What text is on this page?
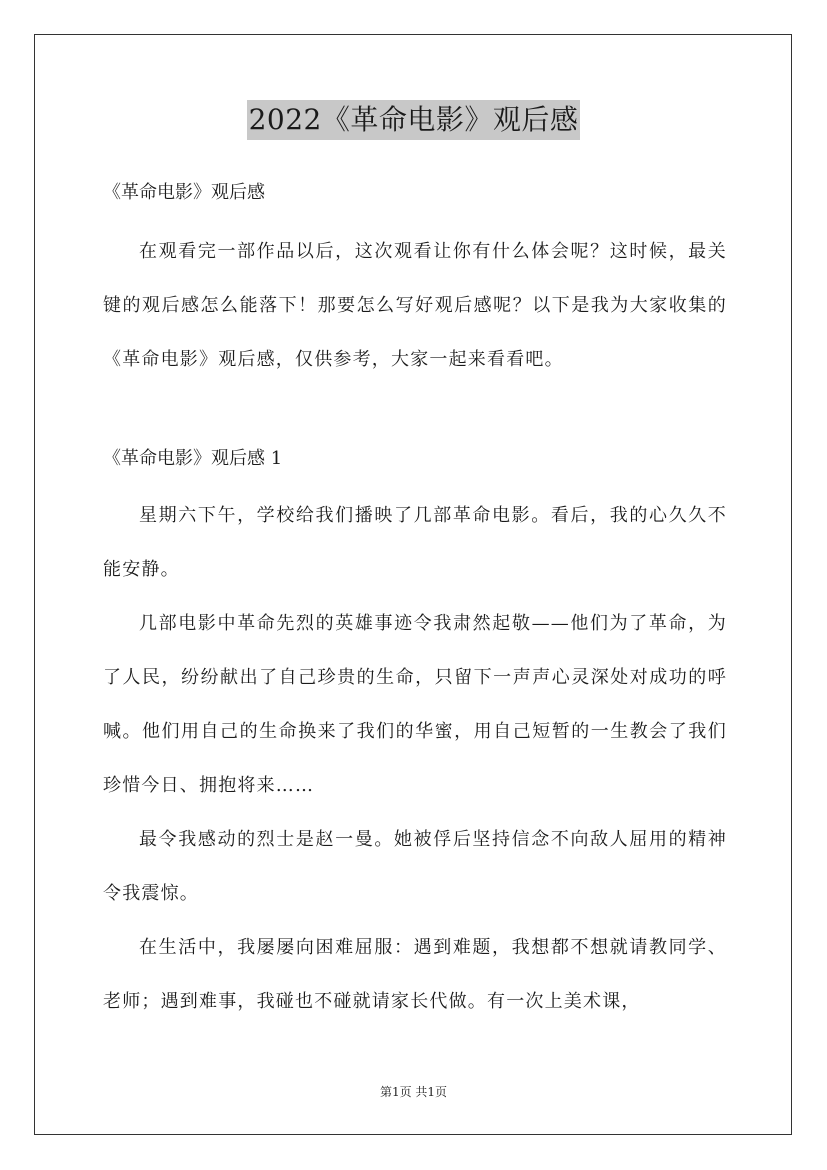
2022《革命电影》观后感

《革命电影》观后感

在观看完一部作品以后，这次观看让你有什么体会呢？这时候，最关键的观后感怎么能落下！那要怎么写好观后感呢？以下是我为大家收集的《革命电影》观后感，仅供参考，大家一起来看看吧。

《革命电影》观后感 1

星期六下午，学校给我们播映了几部革命电影。看后，我的心久久不能安静。

几部电影中革命先烈的英雄事迹令我肃然起敬——他们为了革命，为了人民，纷纷献出了自己珍贵的生命，只留下一声声心灵深处对成功的呼喊。他们用自己的生命换来了我们的华蜜，用自己短暂的一生教会了我们珍惜今日、拥抱将来……

最令我感动的烈士是赵一曼。她被俘后坚持信念不向敌人屈用的精神令我震惊。

在生活中，我屡屡向困难屈服：遇到难题，我想都不想就请教同学、老师；遇到难事，我碰也不碰就请家长代做。有一次上美术课，

第1页 共1页
